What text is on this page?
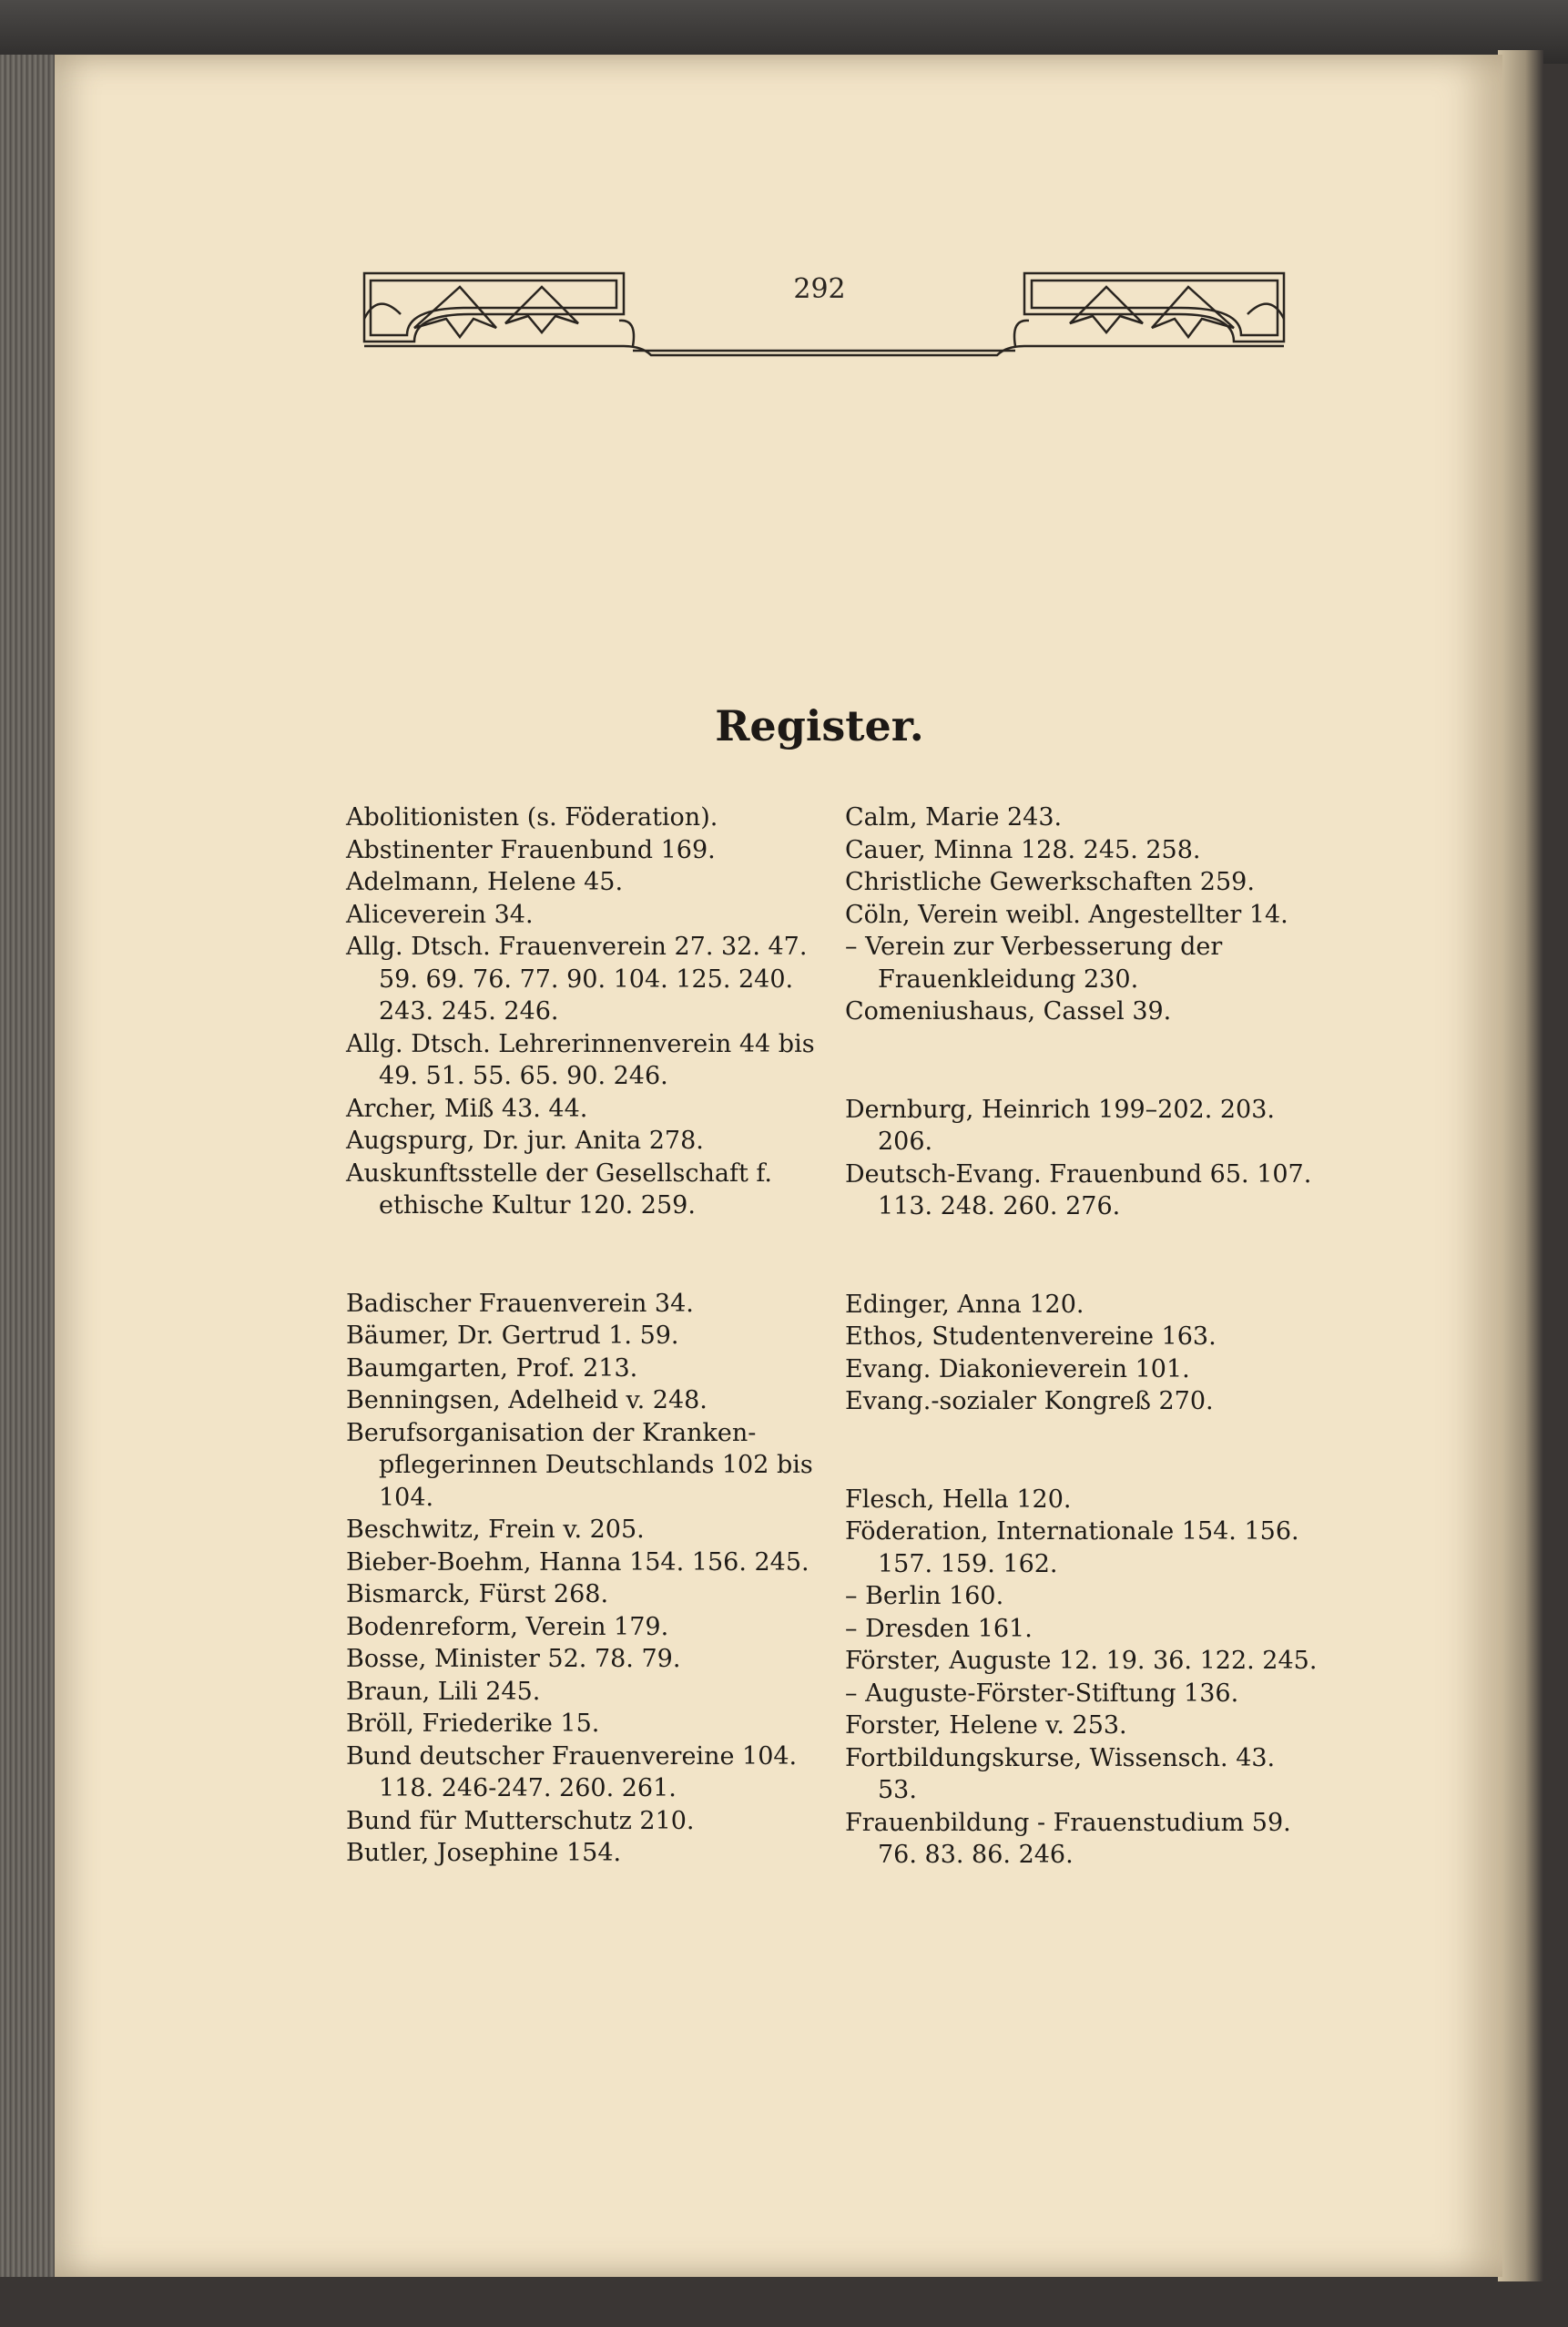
292
Register.
Abolitionisten (s. Föderation).
Abstinenter Frauenbund 169.
Adelmann, Helene 45.
Aliceverein 34.
Allg. Dtsch. Frauenverein 27. 32. 47. 59. 69. 76. 77. 90. 104. 125. 240. 243. 245. 246.
Allg. Dtsch. Lehrerinnenverein 44 bis 49. 51. 55. 65. 90. 246.
Archer, Miß 43. 44.
Augspurg, Dr. jur. Anita 278.
Auskunftsstelle der Gesellschaft f. ethische Kultur 120. 259.
Badischer Frauenverein 34.
Bäumer, Dr. Gertrud 1. 59.
Baumgarten, Prof. 213.
Benningsen, Adelheid v. 248.
Berufsorganisation der Kranken-pflegerinnen Deutschlands 102 bis 104.
Beschwitz, Frein v. 205.
Bieber-Boehm, Hanna 154. 156. 245.
Bismarck, Fürst 268.
Bodenreform, Verein 179.
Bosse, Minister 52. 78. 79.
Braun, Lili 245.
Bröll, Friederike 15.
Bund deutscher Frauenvereine 104. 118. 246-247. 260. 261.
Bund für Mutterschutz 210.
Butler, Josephine 154.
Calm, Marie 243.
Cauer, Minna 128. 245. 258.
Christliche Gewerkschaften 259.
Cöln, Verein weibl. Angestellter 14.
– Verein zur Verbesserung der Frauenkleidung 230.
Comeniushaus, Cassel 39.
Dernburg, Heinrich 199–202. 203. 206.
Deutsch-Evang. Frauenbund 65. 107. 113. 248. 260. 276.
Edinger, Anna 120.
Ethos, Studentenvereine 163.
Evang. Diakonieverein 101.
Evang.-sozialer Kongreß 270.
Flesch, Hella 120.
Föderation, Internationale 154. 156. 157. 159. 162.
– Berlin 160.
– Dresden 161.
Förster, Auguste 12. 19. 36. 122. 245.
– Auguste-Förster-Stiftung 136.
Forster, Helene v. 253.
Fortbildungskurse, Wissensch. 43. 53.
Frauenbildung - Frauenstudium 59. 76. 83. 86. 246.
